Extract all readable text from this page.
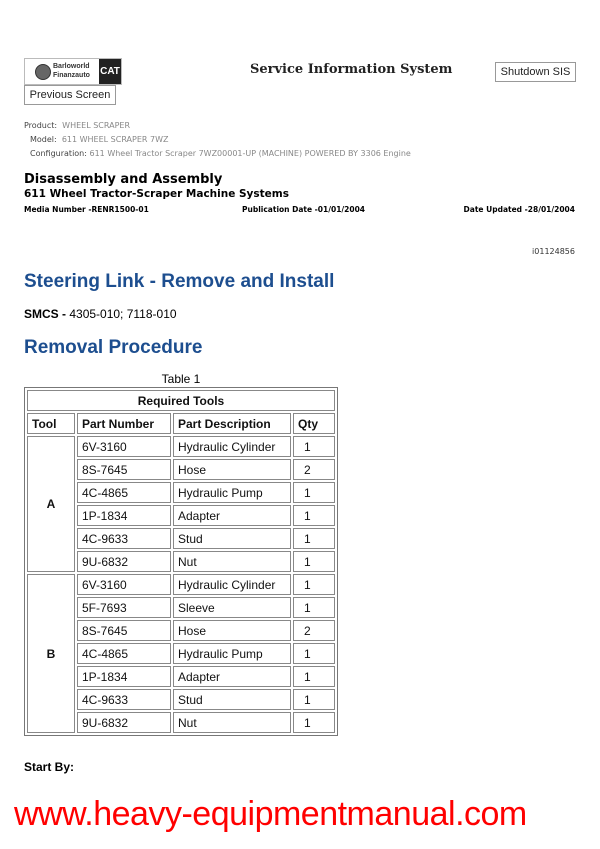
Barloworld
Finanzauto CAT
Previous Screen
Service Information System	Shutdown SIS
Product: WHEEL SCRAPER
Model: 611 WHEEL SCRAPER 7WZ
Configuration: 611 Wheel Tractor Scraper 7WZ00001-UP (MACHINE) POWERED BY 3306 Engine
Disassembly and Assembly
611 Wheel Tractor-Scraper Machine Systems
Media Number -RENR1500-01	Publication Date -01/01/2004	Date Updated -28/01/2004
i01124856
Steering Link - Remove and Install
SMCS - 4305-010; 7118-010
Removal Procedure
Table 1
Required Tools			
Tool	Part Number	Part Description	Qty
A	6V-3160	Hydraulic Cylinder	1
	8S-7645	Hose	2
	4C-4865	Hydraulic Pump	1
	1P-1834	Adapter	1
	4C-9633	Stud	1
	9U-6832	Nut	1
B	6V-3160	Hydraulic Cylinder	1
	5F-7693	Sleeve	1
	8S-7645	Hose	2
	4C-4865	Hydraulic Pump	1
	1P-1834	Adapter	1
	4C-9633	Stud	1
	9U-6832	Nut	1
Start By:
www.heavy-equipmentmanual.com
